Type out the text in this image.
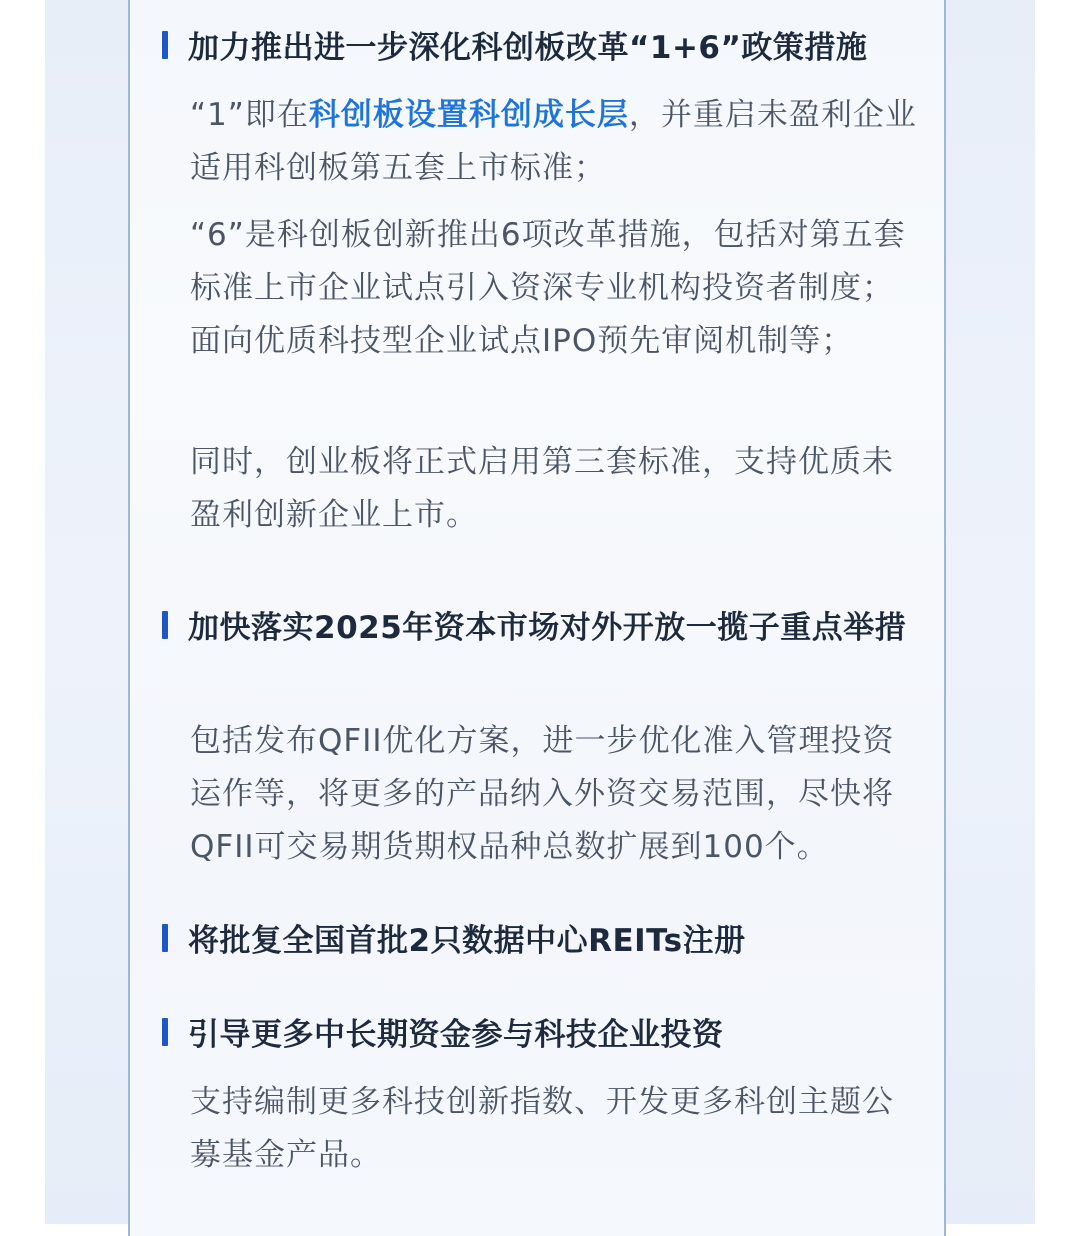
加力推出进一步深化科创板改革“1+6”政策措施
“1”即在科创板设置科创成长层，并重启未盈利企业适用科创板第五套上市标准；
“6”是科创板创新推出6项改革措施，包括对第五套标准上市企业试点引入资深专业机构投资者制度；面向优质科技型企业试点IPO预先审阅机制等；
同时，创业板将正式启用第三套标准，支持优质未盈利创新企业上市。
加快落实2025年资本市场对外开放一揽子重点举措
包括发布QFII优化方案，进一步优化准入管理投资运作等，将更多的产品纳入外资交易范围，尽快将QFII可交易期货期权品种总数扩展到100个。
将批复全国首批2只数据中心REITs注册
引导更多中长期资金参与科技企业投资
支持编制更多科技创新指数、开发更多科创主题公募基金产品。
